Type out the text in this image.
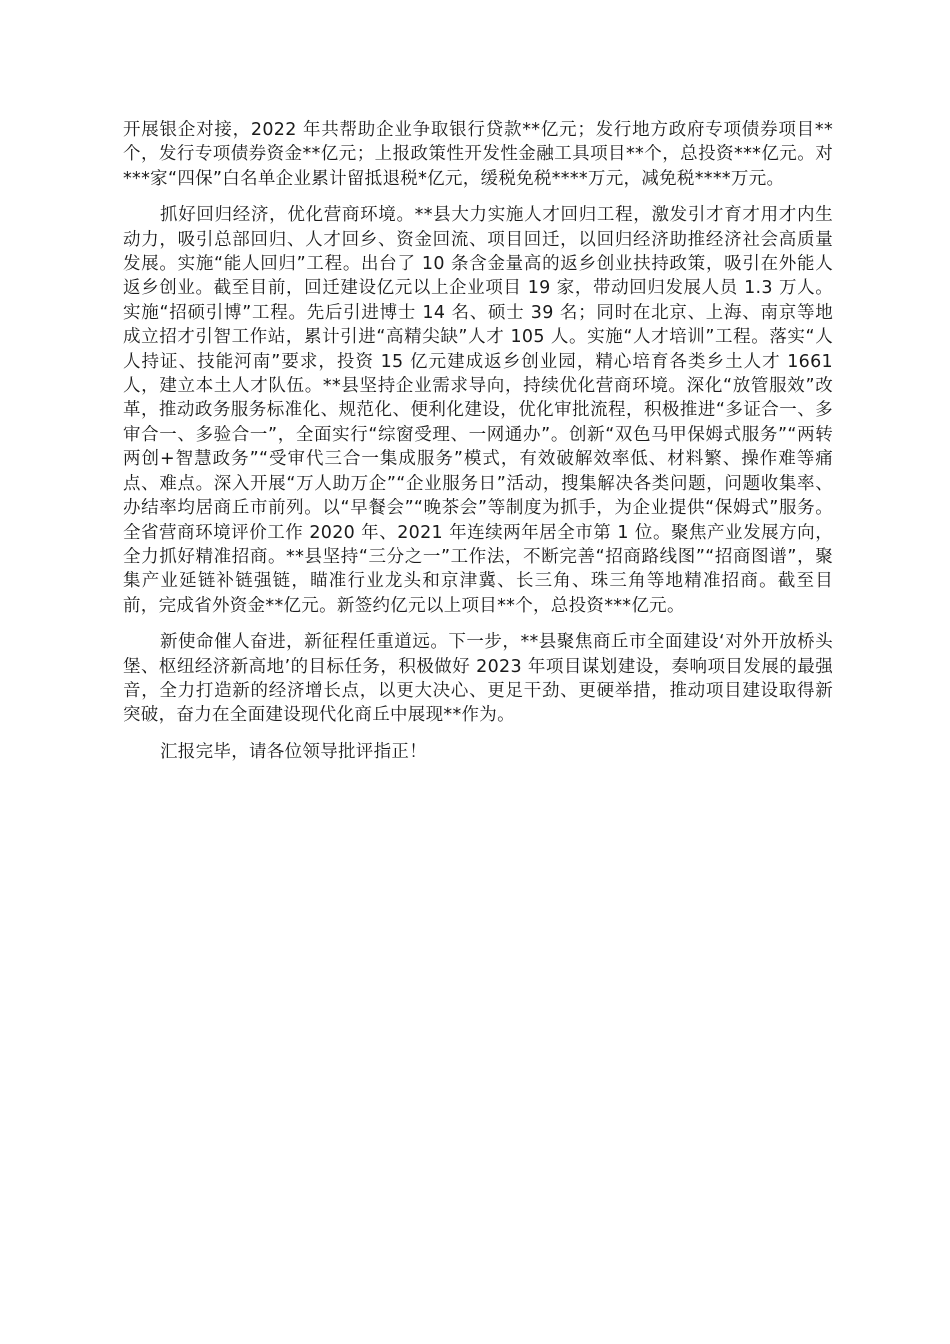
开展银企对接，2022 年共帮助企业争取银行贷款**亿元；发行地方政府专项债券项目**个，发行专项债券资金**亿元；上报政策性开发性金融工具项目**个，总投资***亿元。对***家“四保”白名单企业累计留抵退税*亿元，缓税免税****万元，减免税****万元。

抓好回归经济，优化营商环境。**县大力实施人才回归工程，激发引才育才用才内生动力，吸引总部回归、人才回乡、资金回流、项目回迁，以回归经济助推经济社会高质量发展。实施“能人回归”工程。出台了 10 条含金量高的返乡创业扶持政策，吸引在外能人返乡创业。截至目前，回迁建设亿元以上企业项目 19 家，带动回归发展人员 1.3 万人。实施“招硕引博”工程。先后引进博士 14 名、硕士 39 名；同时在北京、上海、南京等地成立招才引智工作站，累计引进“高精尖缺”人才 105 人。实施“人才培训”工程。落实“人人持证、技能河南”要求，投资 15 亿元建成返乡创业园，精心培育各类乡土人才 1661 人，建立本土人才队伍。**县坚持企业需求导向，持续优化营商环境。深化“放管服效”改革，推动政务服务标准化、规范化、便利化建设，优化审批流程，积极推进“多证合一、多审合一、多验合一”，全面实行“综窗受理、一网通办”。创新“双色马甲保姆式服务”“两转两创+智慧政务”“受审代三合一集成服务”模式，有效破解效率低、材料繁、操作难等痛点、难点。深入开展“万人助万企”“企业服务日”活动，搜集解决各类问题，问题收集率、办结率均居商丘市前列。以“早餐会”“晚茶会”等制度为抓手，为企业提供“保姆式”服务。全省营商环境评价工作 2020 年、2021 年连续两年居全市第 1 位。聚焦产业发展方向，全力抓好精准招商。**县坚持“三分之一”工作法，不断完善“招商路线图”“招商图谱”，聚集产业延链补链强链，瞄准行业龙头和京津冀、长三角、珠三角等地精准招商。截至目前，完成省外资金**亿元。新签约亿元以上项目**个，总投资***亿元。

新使命催人奋进，新征程任重道远。下一步，**县聚焦商丘市全面建设‘对外开放桥头堡、枢纽经济新高地’的目标任务，积极做好 2023 年项目谋划建设，奏响项目发展的最强音，全力打造新的经济增长点，以更大决心、更足干劲、更硬举措，推动项目建设取得新突破，奋力在全面建设现代化商丘中展现**作为。

汇报完毕，请各位领导批评指正！
